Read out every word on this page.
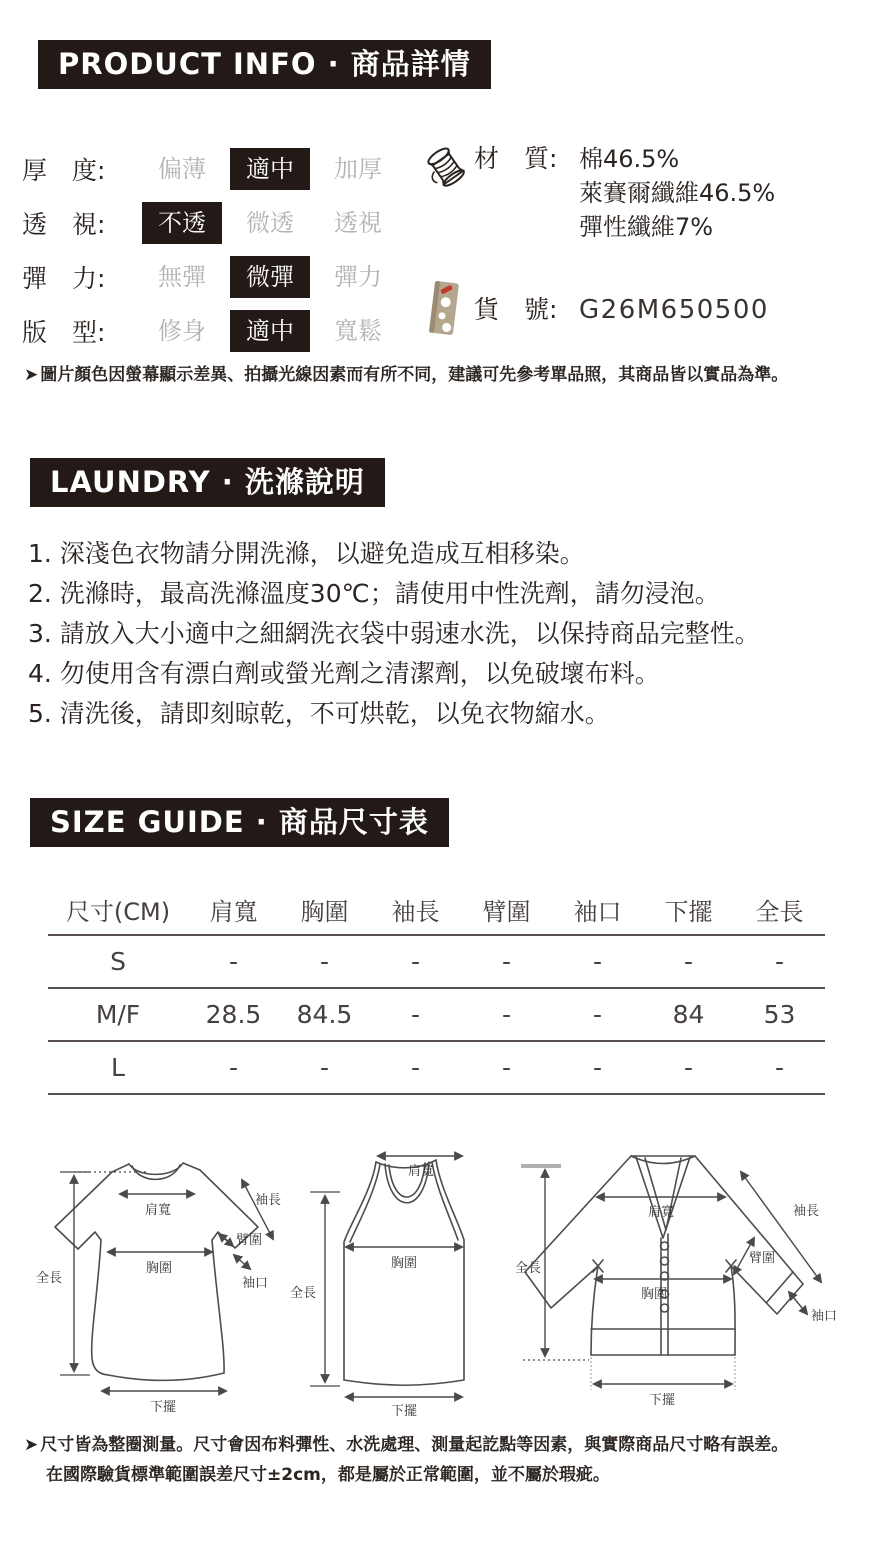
PRODUCT INFO · 商品詳情
厚　度:	偏薄	適中	加厚
透　視:	不透	微透	透視
彈　力:	無彈	微彈	彈力
版　型:	修身	適中	寬鬆
材　質: 棉46.5%
萊賽爾纖維46.5%
彈性纖維7%
貨　號: G26M650500
➤ 圖片顏色因螢幕顯示差異、拍攝光線因素而有所不同，建議可先參考單品照，其商品皆以實品為準。
LAUNDRY · 洗滌說明
1. 深淺色衣物請分開洗滌，以避免造成互相移染。
2. 洗滌時，最高洗滌溫度30℃；請使用中性洗劑，請勿浸泡。
3. 請放入大小適中之細網洗衣袋中弱速水洗，以保持商品完整性。
4. 勿使用含有漂白劑或螢光劑之清潔劑，以免破壞布料。
5. 清洗後，請即刻晾乾，不可烘乾，以免衣物縮水。
SIZE GUIDE · 商品尺寸表
尺寸(CM)	肩寬	胸圍	袖長	臂圍	袖口	下擺	全長
S	-	-	-	-	-	-	-
M/F	28.5	84.5	-	-	-	84	53
L	-	-	-	-	-	-	-
全長
肩寬
胸圍
袖長
臂圍
袖口
下擺
肩寬
全長
胸圍
下擺
全長
肩寬	袖長
臂圍
胸圍
袖口
下擺
➤ 尺寸皆為整圈測量。尺寸會因布料彈性、水洗處理、測量起訖點等因素，與實際商品尺寸略有誤差。
在國際驗貨標準範圍誤差尺寸±2cm，都是屬於正常範圍，並不屬於瑕疵。
